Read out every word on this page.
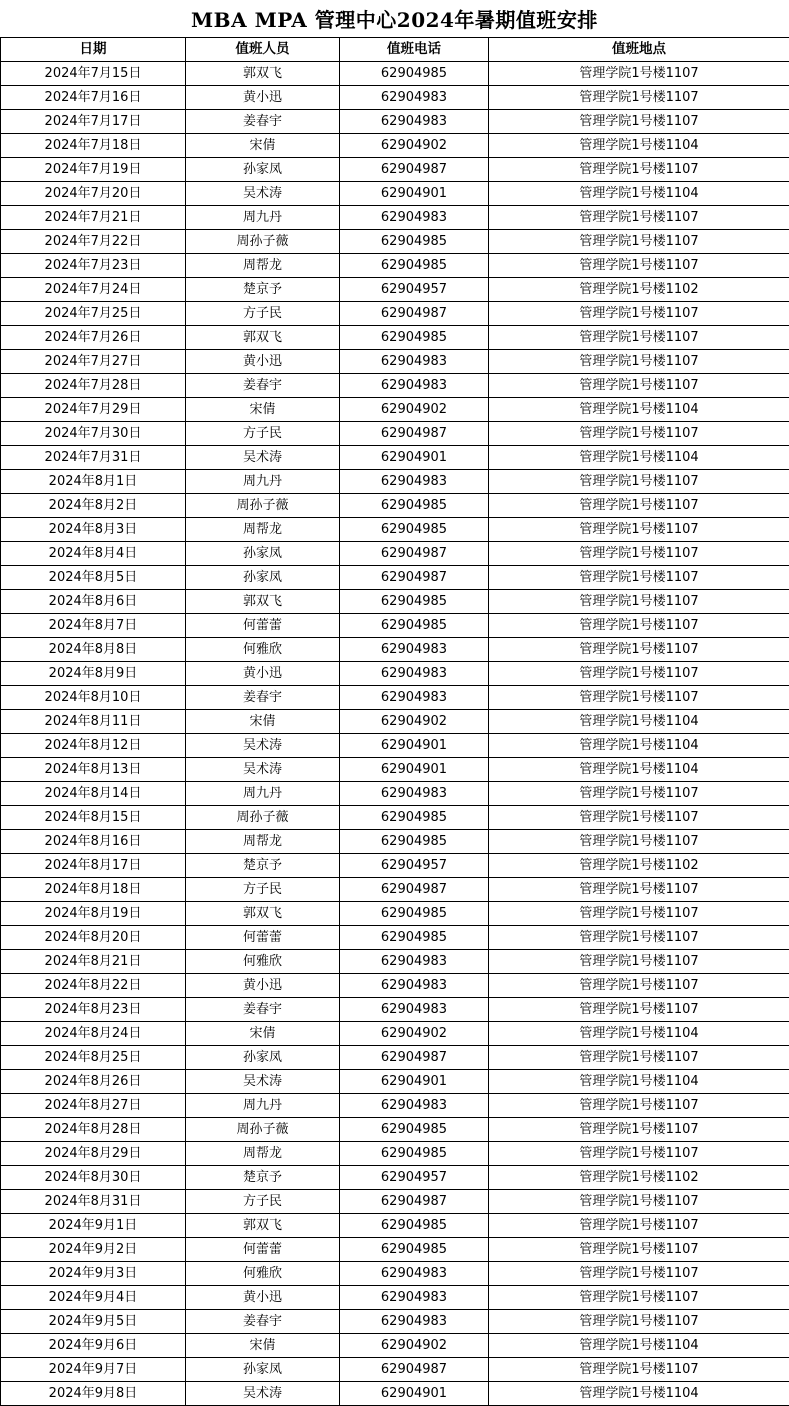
MBA MPA 管理中心2024年暑期值班安排
日期	值班人员	值班电话	值班地点
2024年7月15日	郭双飞	62904985	管理学院1号楼1107
2024年7月16日	黄小迅	62904983	管理学院1号楼1107
2024年7月17日	姜春宇	62904983	管理学院1号楼1107
2024年7月18日	宋倩	62904902	管理学院1号楼1104
2024年7月19日	孙家凤	62904987	管理学院1号楼1107
2024年7月20日	吴术涛	62904901	管理学院1号楼1104
2024年7月21日	周九丹	62904983	管理学院1号楼1107
2024年7月22日	周孙子薇	62904985	管理学院1号楼1107
2024年7月23日	周帮龙	62904985	管理学院1号楼1107
2024年7月24日	楚京予	62904957	管理学院1号楼1102
2024年7月25日	方子民	62904987	管理学院1号楼1107
2024年7月26日	郭双飞	62904985	管理学院1号楼1107
2024年7月27日	黄小迅	62904983	管理学院1号楼1107
2024年7月28日	姜春宇	62904983	管理学院1号楼1107
2024年7月29日	宋倩	62904902	管理学院1号楼1104
2024年7月30日	方子民	62904987	管理学院1号楼1107
2024年7月31日	吴术涛	62904901	管理学院1号楼1104
2024年8月1日	周九丹	62904983	管理学院1号楼1107
2024年8月2日	周孙子薇	62904985	管理学院1号楼1107
2024年8月3日	周帮龙	62904985	管理学院1号楼1107
2024年8月4日	孙家凤	62904987	管理学院1号楼1107
2024年8月5日	孙家凤	62904987	管理学院1号楼1107
2024年8月6日	郭双飞	62904985	管理学院1号楼1107
2024年8月7日	何蕾蕾	62904985	管理学院1号楼1107
2024年8月8日	何雅欣	62904983	管理学院1号楼1107
2024年8月9日	黄小迅	62904983	管理学院1号楼1107
2024年8月10日	姜春宇	62904983	管理学院1号楼1107
2024年8月11日	宋倩	62904902	管理学院1号楼1104
2024年8月12日	吴术涛	62904901	管理学院1号楼1104
2024年8月13日	吴术涛	62904901	管理学院1号楼1104
2024年8月14日	周九丹	62904983	管理学院1号楼1107
2024年8月15日	周孙子薇	62904985	管理学院1号楼1107
2024年8月16日	周帮龙	62904985	管理学院1号楼1107
2024年8月17日	楚京予	62904957	管理学院1号楼1102
2024年8月18日	方子民	62904987	管理学院1号楼1107
2024年8月19日	郭双飞	62904985	管理学院1号楼1107
2024年8月20日	何蕾蕾	62904985	管理学院1号楼1107
2024年8月21日	何雅欣	62904983	管理学院1号楼1107
2024年8月22日	黄小迅	62904983	管理学院1号楼1107
2024年8月23日	姜春宇	62904983	管理学院1号楼1107
2024年8月24日	宋倩	62904902	管理学院1号楼1104
2024年8月25日	孙家凤	62904987	管理学院1号楼1107
2024年8月26日	吴术涛	62904901	管理学院1号楼1104
2024年8月27日	周九丹	62904983	管理学院1号楼1107
2024年8月28日	周孙子薇	62904985	管理学院1号楼1107
2024年8月29日	周帮龙	62904985	管理学院1号楼1107
2024年8月30日	楚京予	62904957	管理学院1号楼1102
2024年8月31日	方子民	62904987	管理学院1号楼1107
2024年9月1日	郭双飞	62904985	管理学院1号楼1107
2024年9月2日	何蕾蕾	62904985	管理学院1号楼1107
2024年9月3日	何雅欣	62904983	管理学院1号楼1107
2024年9月4日	黄小迅	62904983	管理学院1号楼1107
2024年9月5日	姜春宇	62904983	管理学院1号楼1107
2024年9月6日	宋倩	62904902	管理学院1号楼1104
2024年9月7日	孙家凤	62904987	管理学院1号楼1107
2024年9月8日	吴术涛	62904901	管理学院1号楼1104
